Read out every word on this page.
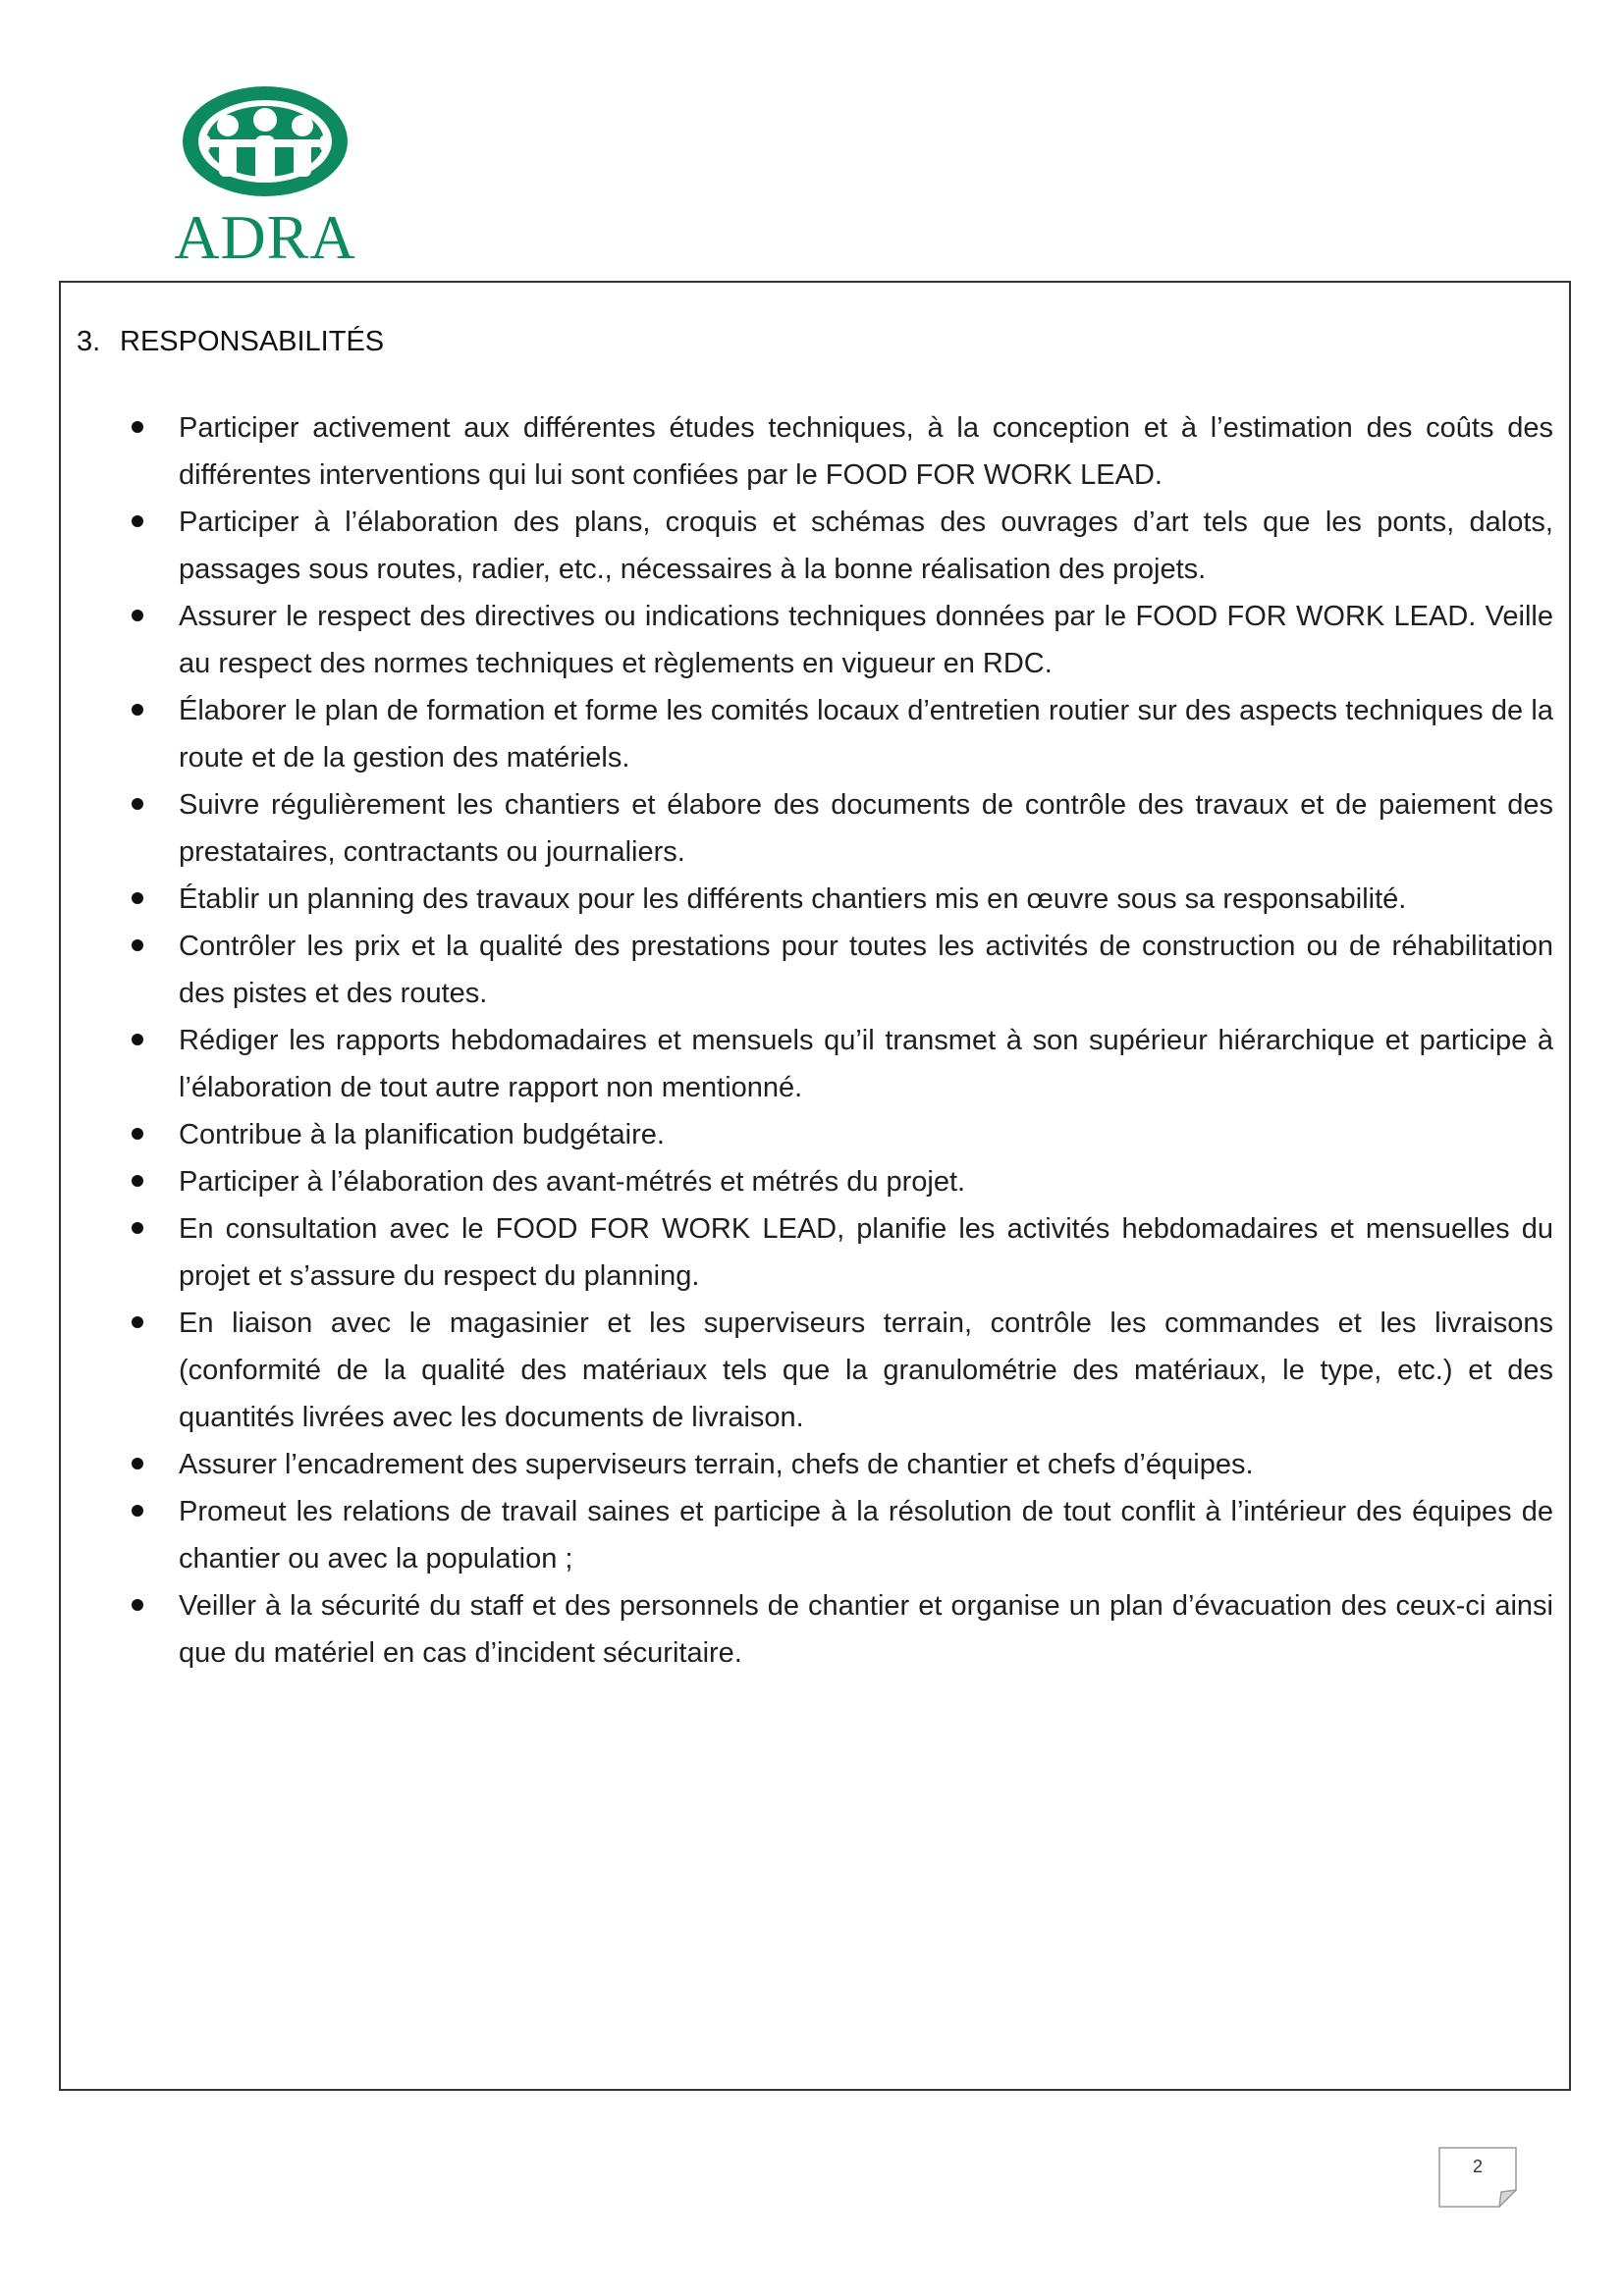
ADRA
3. RESPONSABILITÉS
Participer activement aux différentes études techniques, à la conception et à l’estimation des coûts des différentes interventions qui lui sont confiées par le FOOD FOR WORK LEAD.
Participer à l’élaboration des plans, croquis et schémas des ouvrages d’art tels que les ponts, dalots, passages sous routes, radier, etc., nécessaires à la bonne réalisation des projets.
Assurer le respect des directives ou indications techniques données par le FOOD FOR WORK LEAD. Veille au respect des normes techniques et règlements en vigueur en RDC.
Élaborer le plan de formation et forme les comités locaux d’entretien routier sur des aspects techniques de la route et de la gestion des matériels.
Suivre régulièrement les chantiers et élabore des documents de contrôle des travaux et de paiement des prestataires, contractants ou journaliers.
Établir un planning des travaux pour les différents chantiers mis en œuvre sous sa responsabilité.
Contrôler les prix et la qualité des prestations pour toutes les activités de construction ou de réhabilitation des pistes et des routes.
Rédiger les rapports hebdomadaires et mensuels qu’il transmet à son supérieur hiérarchique et participe à l’élaboration de tout autre rapport non mentionné.
Contribue à la planification budgétaire.
Participer à l’élaboration des avant-métrés et métrés du projet.
En consultation avec le FOOD FOR WORK LEAD, planifie les activités hebdomadaires et mensuelles du projet et s’assure du respect du planning.
En liaison avec le magasinier et les superviseurs terrain, contrôle les commandes et les livraisons (conformité de la qualité des matériaux tels que la granulométrie des matériaux, le type, etc.) et des quantités livrées avec les documents de livraison.
Assurer l’encadrement des superviseurs terrain, chefs de chantier et chefs d’équipes.
Promeut les relations de travail saines et participe à la résolution de tout conflit à l’intérieur des équipes de chantier ou avec la population ;
Veiller à la sécurité du staff et des personnels de chantier et organise un plan d’évacuation des ceux-ci ainsi que du matériel en cas d’incident sécuritaire.
2
